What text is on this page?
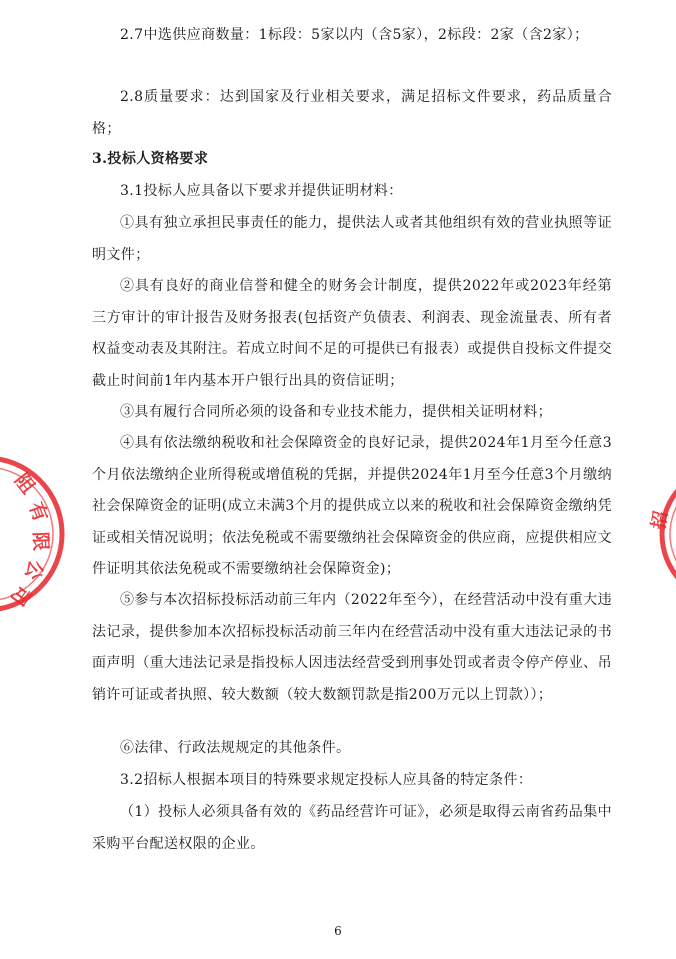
2.7中选供应商数量：1标段：5家以内（含5家），2标段：2家（含2家）；

2.8质量要求：达到国家及行业相关要求，满足招标文件要求，药品质量合格；

3.投标人资格要求

3.1投标人应具备以下要求并提供证明材料：

①具有独立承担民事责任的能力，提供法人或者其他组织有效的营业执照等证明文件；

②具有良好的商业信誉和健全的财务会计制度，提供2022年或2023年经第三方审计的审计报告及财务报表(包括资产负债表、利润表、现金流量表、所有者权益变动表及其附注。若成立时间不足的可提供已有报表）或提供自投标文件提交截止时间前1年内基本开户银行出具的资信证明；

③具有履行合同所必须的设备和专业技术能力，提供相关证明材料；

④具有依法缴纳税收和社会保障资金的良好记录，提供2024年1月至今任意3个月依法缴纳企业所得税或增值税的凭据，并提供2024年1月至今任意3个月缴纳社会保障资金的证明(成立未满3个月的提供成立以来的税收和社会保障资金缴纳凭证或相关情况说明；依法免税或不需要缴纳社会保障资金的供应商，应提供相应文件证明其依法免税或不需要缴纳社会保障资金)；

⑤参与本次招标投标活动前三年内（2022年至今），在经营活动中没有重大违法记录，提供参加本次招标投标活动前三年内在经营活动中没有重大违法记录的书面声明（重大违法记录是指投标人因违法经营受到刑事处罚或者责令停产停业、吊销许可证或者执照、较大数额（较大数额罚款是指200万元以上罚款））；

⑥法律、行政法规规定的其他条件。

3.2招标人根据本项目的特殊要求规定投标人应具备的特定条件：

（1）投标人必须具备有效的《药品经营许可证》，必须是取得云南省药品集中采购平台配送权限的企业。

6
阻
有
限
公
司
招
